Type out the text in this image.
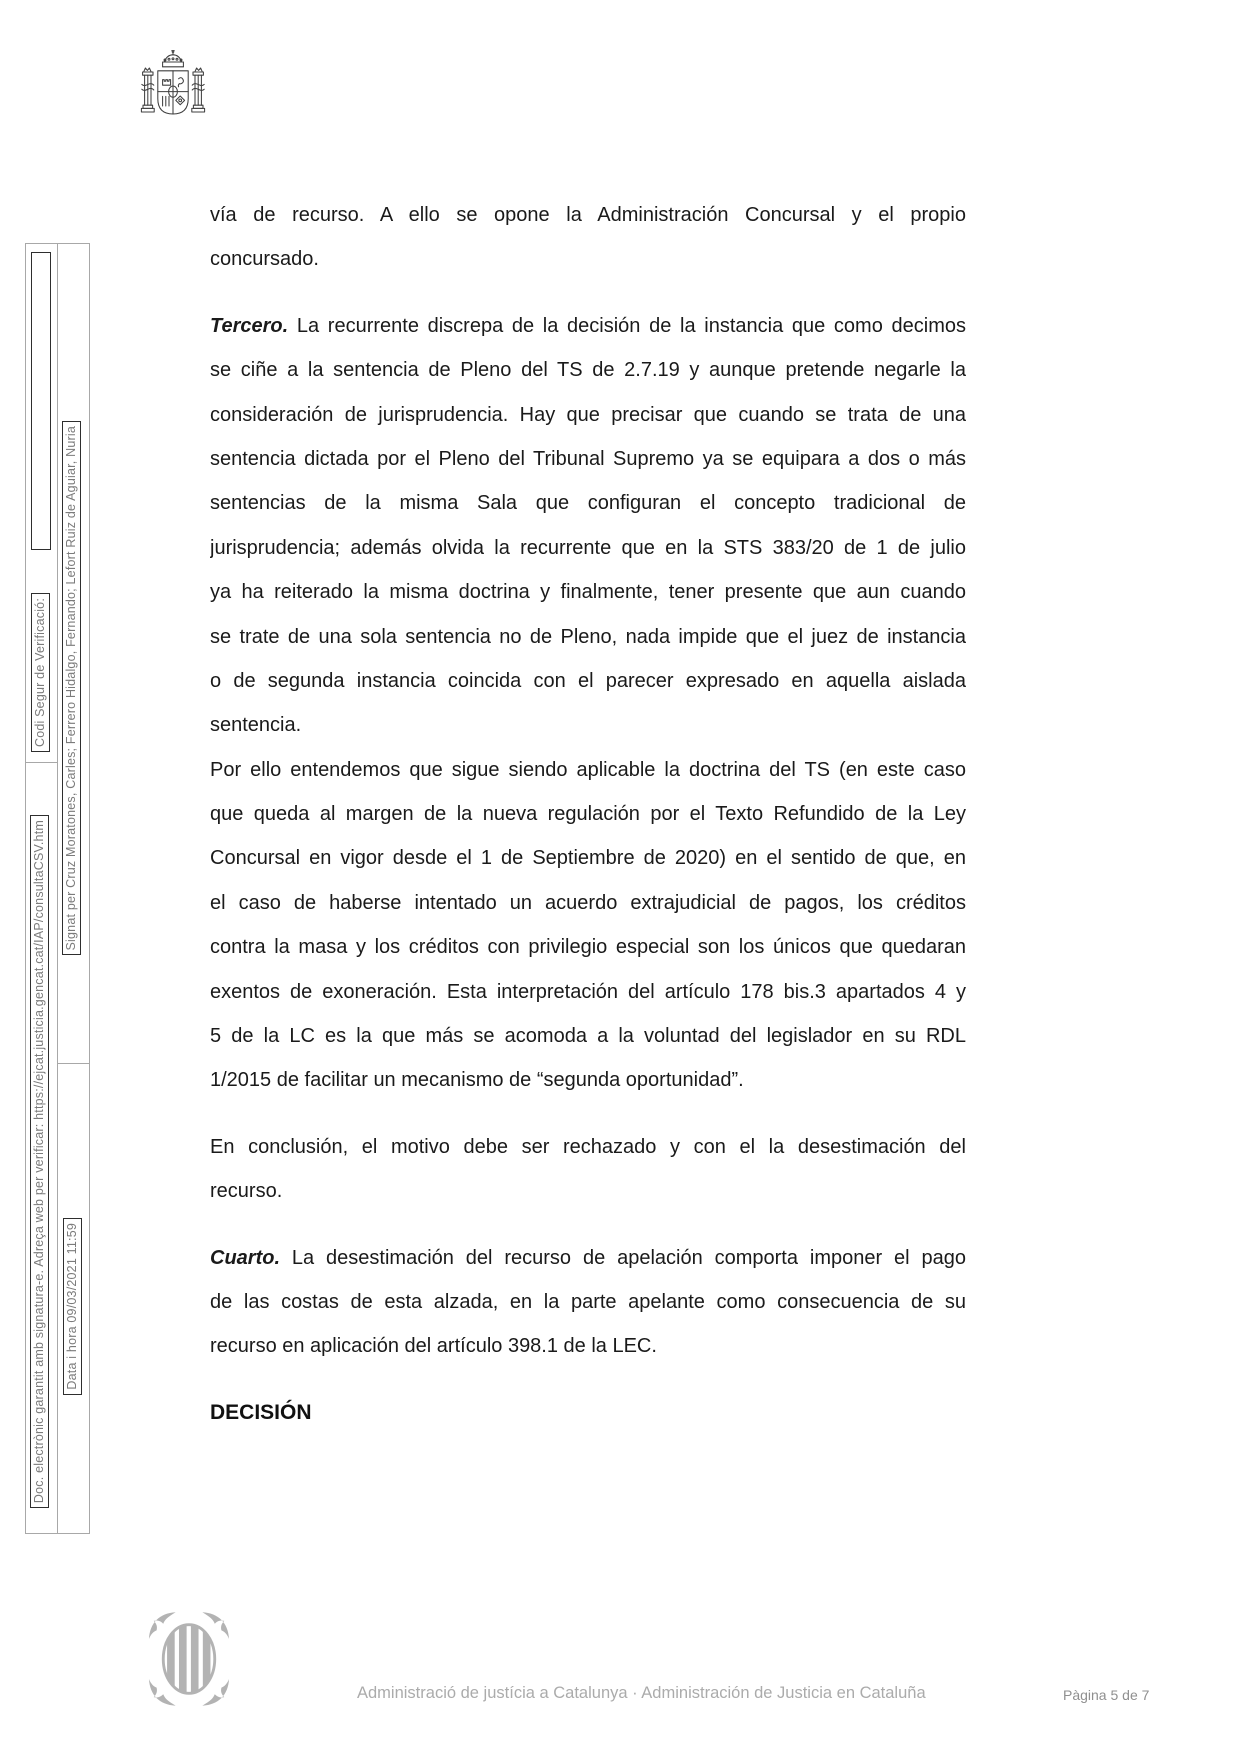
Codi Segur de Verificació:
Doc. electrònic garantit amb signatura-e. Adreça web per verificar: https://ejcat.justicia.gencat.cat/IAP/consultaCSV.htm
Signat per Cruz Moratones, Carles; Ferrero Hidalgo, Fernando; Lefort Ruiz de Aguiar, Nuria
Data i hora 09/03/2021 11:59
vía de recurso. A ello se opone la Administración Concursal y el propio
concursado.
Tercero. La recurrente discrepa de la decisión de la instancia que como decimos
se ciñe a la sentencia de Pleno del TS de 2.7.19 y aunque pretende negarle la
consideración de jurisprudencia. Hay que precisar que cuando se trata de una
sentencia dictada por el Pleno del Tribunal Supremo ya se equipara a dos o más
sentencias de la misma Sala que configuran el concepto tradicional de
jurisprudencia; además olvida la recurrente que en la STS 383/20 de 1 de julio
ya ha reiterado la misma doctrina y finalmente, tener presente que aun cuando
se trate de una sola sentencia no de Pleno, nada impide que el juez de instancia
o de segunda instancia coincida con el parecer expresado en aquella aislada
sentencia.
Por ello entendemos que sigue siendo aplicable la doctrina del TS (en este caso
que queda al margen de la nueva regulación por el Texto Refundido de la Ley
Concursal en vigor desde el 1 de Septiembre de 2020) en el sentido de que, en
el caso de haberse intentado un acuerdo extrajudicial de pagos, los créditos
contra la masa y los créditos con privilegio especial son los únicos que quedaran
exentos de exoneración. Esta interpretación del artículo 178 bis.3 apartados 4 y
5 de la LC es la que más se acomoda a la voluntad del legislador en su RDL
1/2015 de facilitar un mecanismo de “segunda oportunidad”.
En conclusión, el motivo debe ser rechazado y con el la desestimación del
recurso.
Cuarto. La desestimación del recurso de apelación comporta imponer el pago
de las costas de esta alzada, en la parte apelante como consecuencia de su
recurso en aplicación del artículo 398.1 de la LEC.
DECISIÓN
Administració de justícia a Catalunya · Administración de Justicia en Cataluña	Pàgina 5 de 7
